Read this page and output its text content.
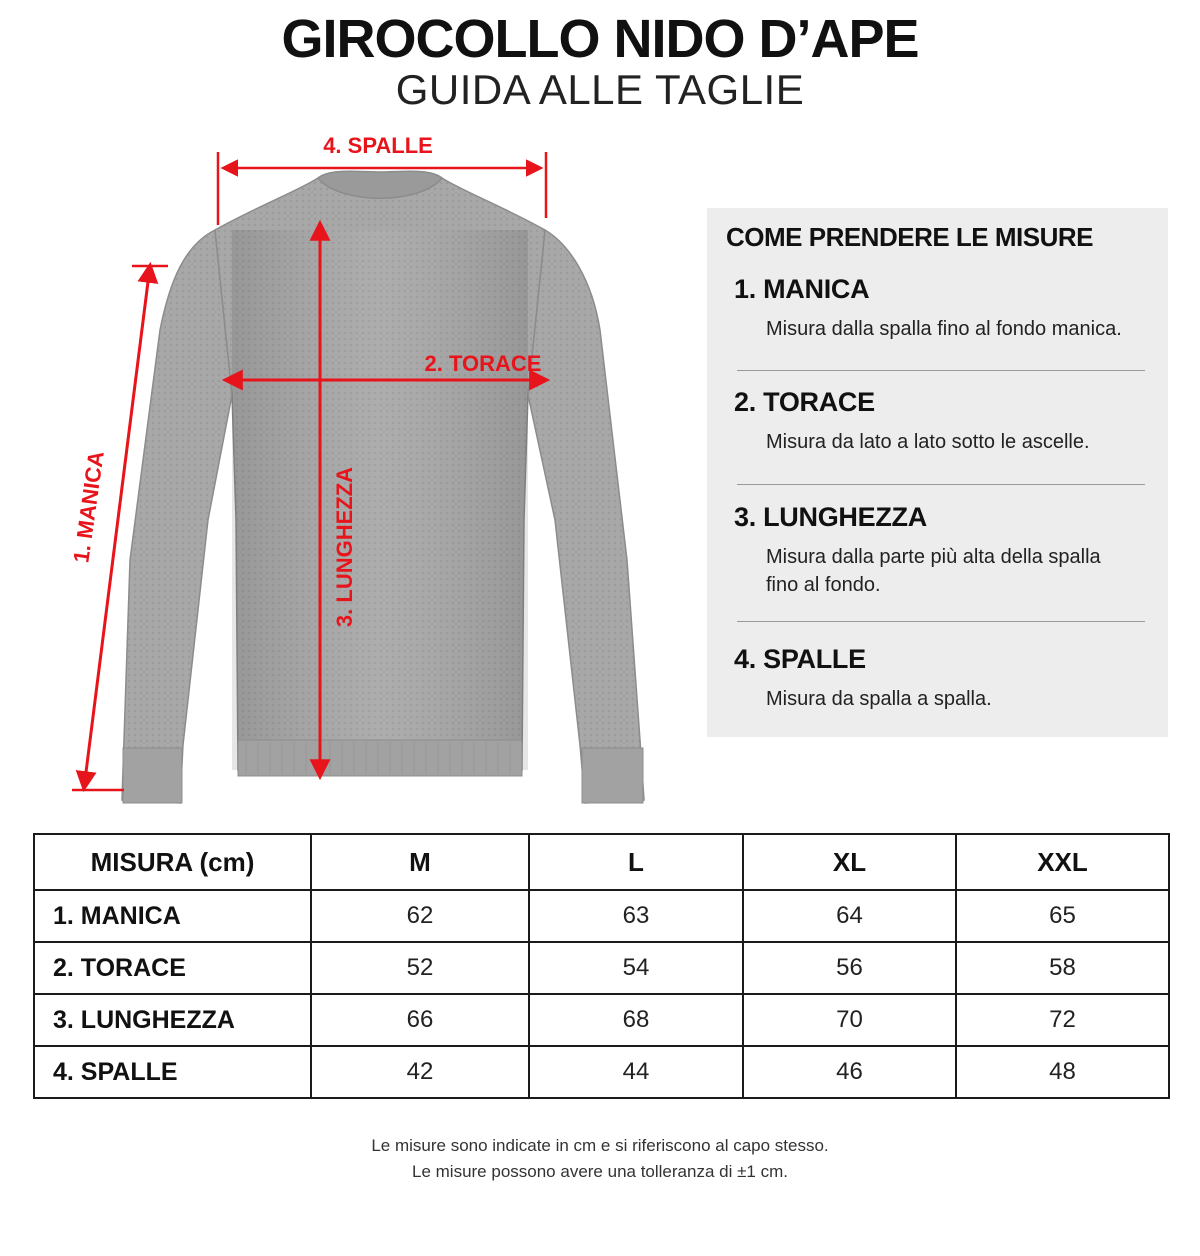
GIROCOLLO NIDO D’APE
GUIDA ALLE TAGLIE
4. SPALLE
2. TORACE
3. LUNGHEZZA
1. MANICA
COME PRENDERE LE MISURE
1. MANICA
Misura dalla spalla fino al fondo manica.
2. TORACE
Misura da lato a lato sotto le ascelle.
3. LUNGHEZZA
Misura dalla parte più alta della spalla fino al fondo.
4. SPALLE
Misura da spalla a spalla.
MISURA (cm)	M	L	XL	XXL
1. MANICA	62	63	64	65
2. TORACE	52	54	56	58
3. LUNGHEZZA	66	68	70	72
4. SPALLE	42	44	46	48
Le misure sono indicate in cm e si riferiscono al capo stesso.
Le misure possono avere una tolleranza di ±1 cm.
